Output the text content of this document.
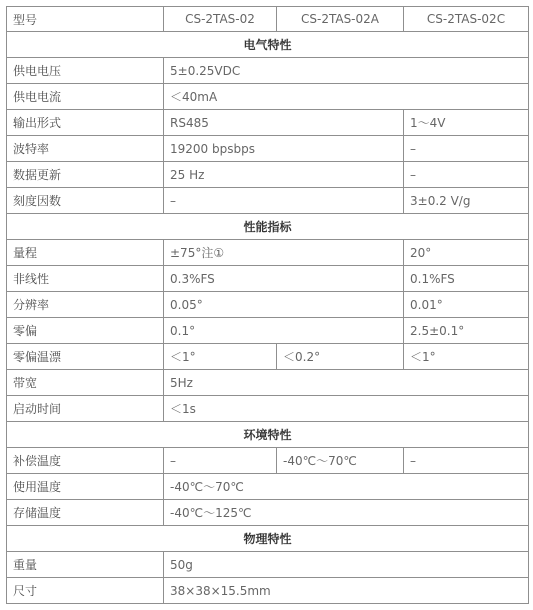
型号	CS-2TAS-02	CS-2TAS-02A	CS-2TAS-02C
电气特性			
供电电压	5±0.25VDC		
供电电流	＜40mA		
输出形式	RS485		1～4V
波特率	19200 bpsbps		–
数据更新	25 Hz		–
刻度因数	–		3±0.2 V/g
性能指标			
量程	±75°注①		20°
非线性	0.3%FS		0.1%FS
分辨率	0.05°		0.01°
零偏	0.1°		2.5±0.1°
零偏温漂	＜1°	＜0.2°	＜1°
带宽	5Hz		
启动时间	＜1s		
环境特性			
补偿温度	–	-40℃～70℃	–
使用温度	-40℃～70℃		
存储温度	-40℃～125℃		
物理特性			
重量	50g		
尺寸	38×38×15.5mm		
